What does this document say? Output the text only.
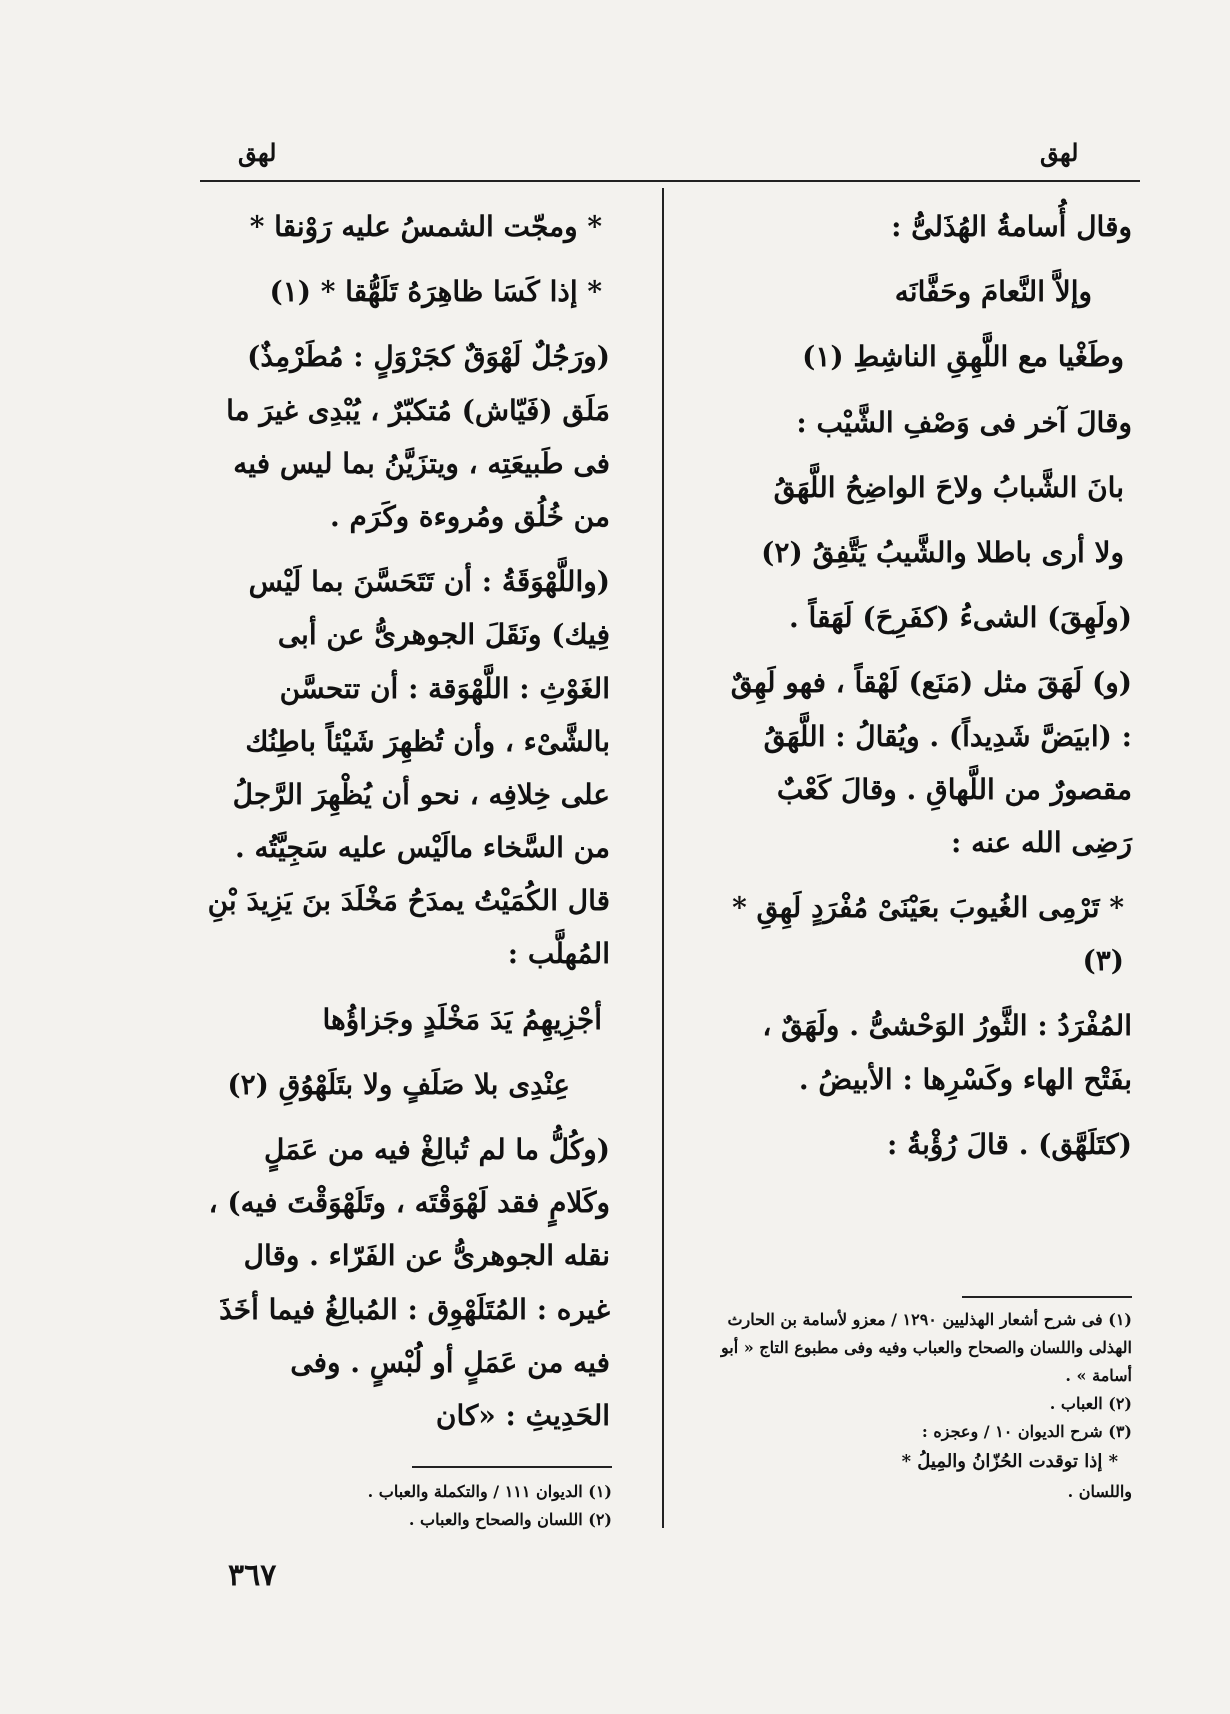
لهق	لهق

وقال أُسامةُ الهُذَلىُّ :

وإلاَّ النَّعامَ وحَفَّانَه

وطَغْيا مع اللَّهِقِ الناشِطِ (١)

وقالَ آخر فى وَصْفِ الشَّيْب :

بانَ الشَّبابُ ولاحَ الواضِحُ اللَّهَقُ

ولا أرى باطلا والشَّيبُ يَتَّفِقُ (٢)

(ولَهِقَ) الشىءُ (كفَرِحَ) لَهَقاً .

(و) لَهَقَ مثل (مَنَع) لَهْقاً ، فهو لَهِقٌ : (ابيَضَّ شَدِيداً) . ويُقالُ : اللَّهَقُ مقصورٌ من اللَّهاقِ . وقالَ كَعْبٌ رَضِى الله عنه :

* تَرْمِى الغُيوبَ بعَيْنَىْ مُفْرَدٍ لَهِقِ * (٣)

المُفْرَدُ : الثَّورُ الوَحْشىُّ . ولَهَقٌ ، بفَتْح الهاء وكَسْرِها : الأبيضُ .

(كتَلَهَّق) . قالَ رُؤْبةُ :

* ومجّت الشمسُ عليه رَوْنقا *

* إذا كَسَا ظاهِرَهُ تَلَهُّقا * (١)

(ورَجُلٌ لَهْوَقٌ كجَرْوَلٍ : مُطَرْمِذٌ) مَلَق (فَيّاش) مُتكبّرٌ ، يُبْدِى غيرَ ما فى طَبيعَتِه ، ويتزَيَّنُ بما ليس فيه من خُلُق ومُروءة وكَرَم .

(واللَّهْوَقَةُ : أن تَتَحَسَّنَ بما لَيْس فِيك) ونَقَلَ الجوهرىُّ عن أبى الغَوْثِ : اللَّهْوَقة : أن تتحسَّن بالشَّىْء ، وأن تُظهِرَ شَيْئاً باطِنُك على خِلافِه ، نحو أن يُظْهِرَ الرَّجلُ من السَّخاء مالَيْس عليه سَجِيَّتُه . قال الكُمَيْتُ يمدَحُ مَخْلَدَ بنَ يَزِيدَ بْنِ المُهلَّب :

أجْزِيهِمُ يَدَ مَخْلَدٍ وجَزاؤُها

عِنْدِى بلا صَلَفٍ ولا بتَلَهْوُقِ (٢)

(وكُلُّ ما لم تُبالِغْ فيه من عَمَلٍ وكَلامٍ فقد لَهْوَقْتَه ، وتَلَهْوَقْتَ فيه) ، نقله الجوهرىُّ عن الفَرّاء . وقال غيره : المُتَلَهْوِق : المُبالِغُ فيما أخَذَ فيه من عَمَلٍ أو لُبْسٍ . وفى الحَدِيثِ : «كان

(١) فى شرح أشعار الهذليين ١٢٩٠ / معزو لأسامة بن الحارث الهذلى واللسان والصحاح والعباب وفيه وفى مطبوع التاج « أبو أسامة » .
(٢) العباب .
(٣) شرح الديوان ١٠ / وعجزه :
* إذا توقدت الحُزّانُ والمِيلُ *
واللسان .
(١) الديوان ١١١ / والتكملة والعباب .
(٢) اللسان والصحاح والعباب .
٣٦٧
